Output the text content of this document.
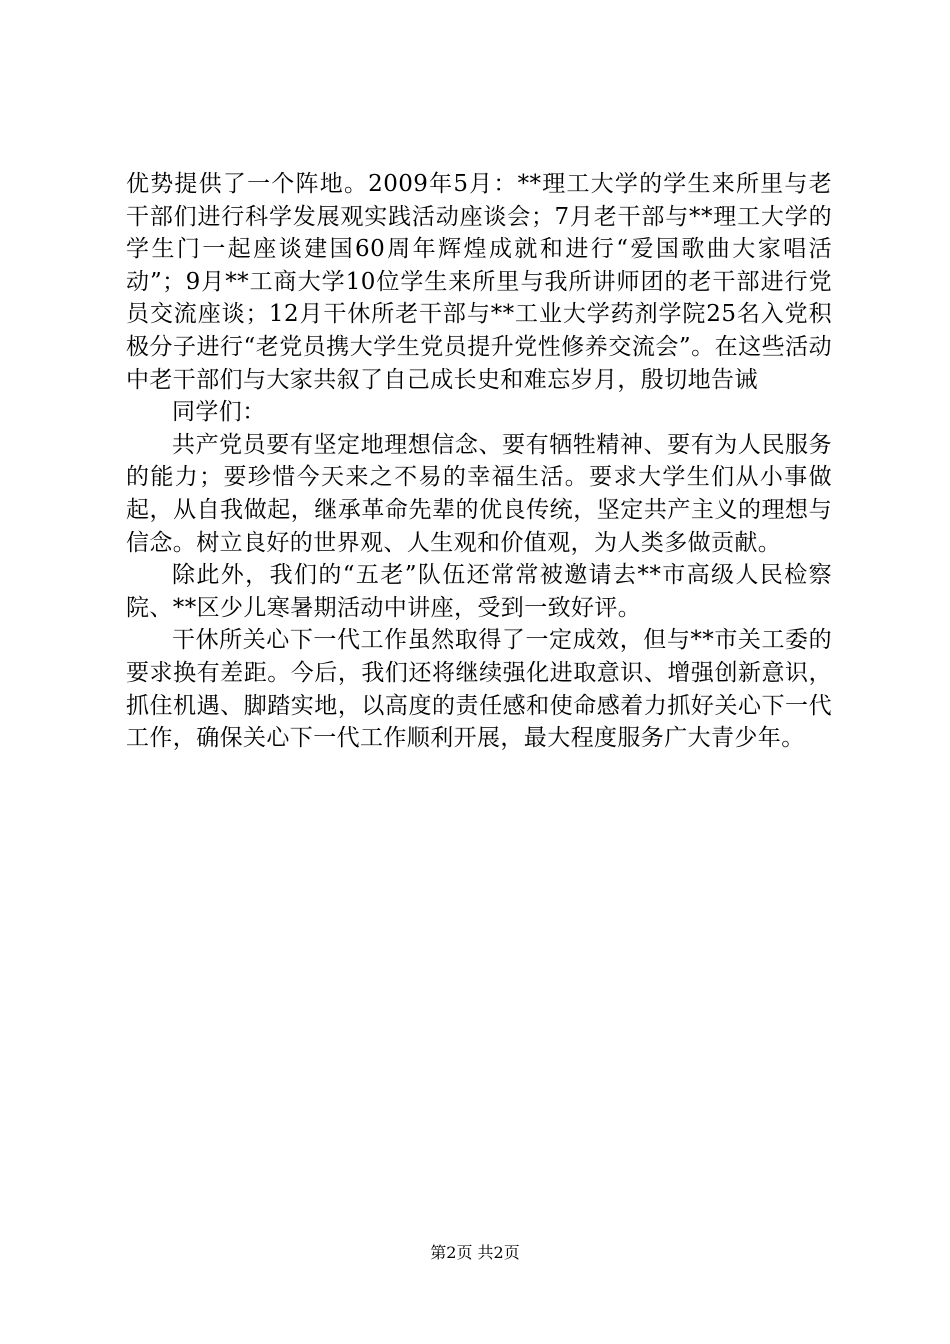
优势提供了一个阵地。2009年5月：**理工大学的学生来所里与老干部们进行科学发展观实践活动座谈会；7月老干部与**理工大学的学生门一起座谈建国60周年辉煌成就和进行“爱国歌曲大家唱活动”；9月**工商大学10位学生来所里与我所讲师团的老干部进行党员交流座谈；12月干休所老干部与**工业大学药剂学院25名入党积极分子进行“老党员携大学生党员提升党性修养交流会”。在这些活动中老干部们与大家共叙了自己成长史和难忘岁月，殷切地告诫

同学们：

共产党员要有坚定地理想信念、要有牺牲精神、要有为人民服务的能力；要珍惜今天来之不易的幸福生活。要求大学生们从小事做起，从自我做起，继承革命先辈的优良传统，坚定共产主义的理想与信念。树立良好的世界观、人生观和价值观，为人类多做贡献。

除此外，我们的“五老”队伍还常常被邀请去**市高级人民检察院、**区少儿寒暑期活动中讲座，受到一致好评。

干休所关心下一代工作虽然取得了一定成效，但与**市关工委的要求换有差距。今后，我们还将继续强化进取意识、增强创新意识，抓住机遇、脚踏实地，以高度的责任感和使命感着力抓好关心下一代工作，确保关心下一代工作顺利开展，最大程度服务广大青少年。

第2页 共2页
